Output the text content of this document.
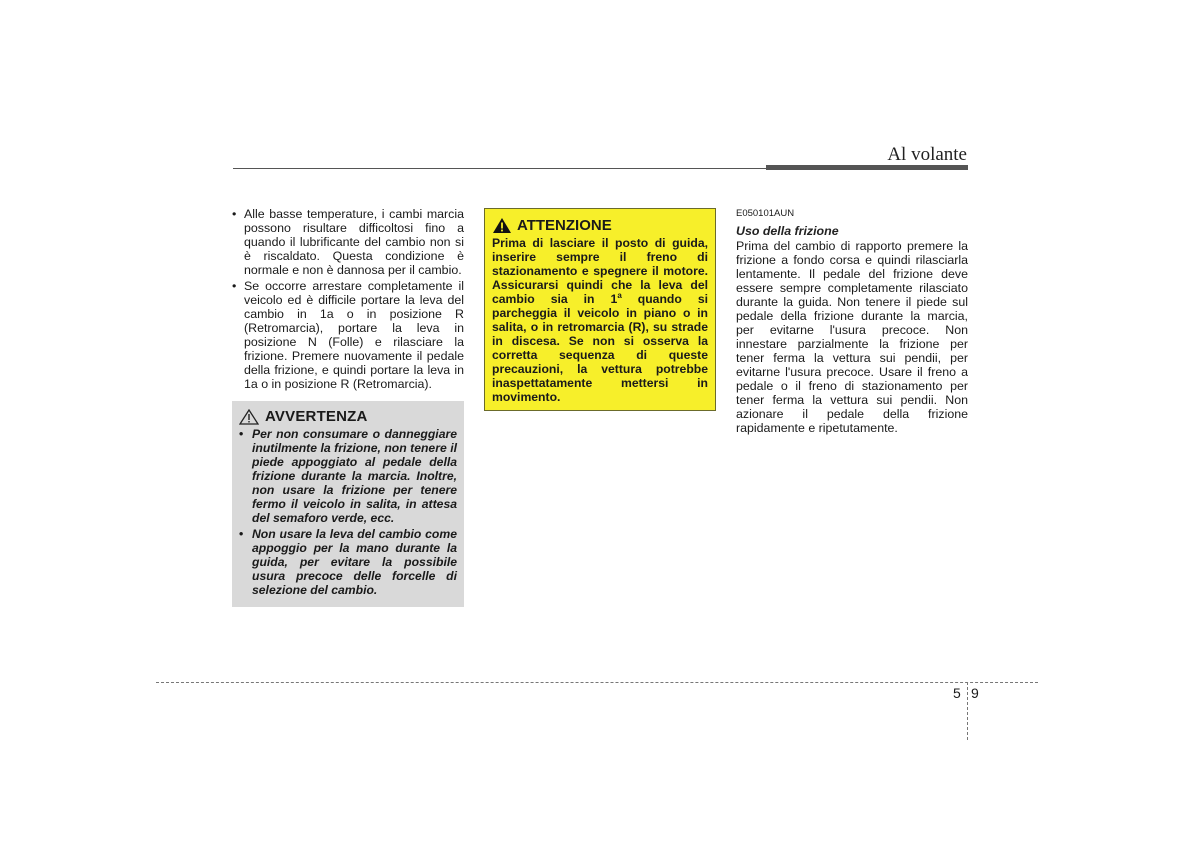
Al volante
• Alle basse temperature, i cambi marcia possono risultare difficoltosi fino a quando il lubrificante del cambio non si è riscaldato. Questa condizione è normale e non è dannosa per il cambio.
• Se occorre arrestare completamente il veicolo ed è difficile portare la leva del cambio in 1a o in posizione R (Retromarcia), portare la leva in posizione N (Folle) e rilasciare la frizione. Premere nuovamente il pedale della frizione, e quindi portare la leva in 1a o in posizione R (Retromarcia).
AVVERTENZA
• Per non consumare o danneggiare inutilmente la frizione, non tenere il piede appoggiato al pedale della frizione durante la marcia. Inoltre, non usare la frizione per tenere fermo il veicolo in salita, in attesa del semaforo verde, ecc.
• Non usare la leva del cambio come appoggio per la mano durante la guida, per evitare la possibile usura precoce delle forcelle di selezione del cambio.
ATTENZIONE

Prima di lasciare il posto di guida, inserire sempre il freno di stazionamento e spegnere il motore. Assicurarsi quindi che la leva del cambio sia in 1$^a$ quando si parcheggia il veicolo in piano o in salita, o in retromarcia (R), su strade in discesa. Se non si osserva la corretta sequenza di queste precauzioni, la vettura potrebbe inaspettatamente mettersi in movimento.

E050101AUN

Uso della frizione

Prima del cambio di rapporto premere la frizione a fondo corsa e quindi rilasciarla lentamente. Il pedale del frizione deve essere sempre completamente rilasciato durante la guida. Non tenere il piede sul pedale della frizione durante la marcia, per evitarne l'usura precoce. Non innestare parzialmente la frizione per tener ferma la vettura sui pendii, per evitarne l'usura precoce. Usare il freno a pedale o il freno di stazionamento per tener ferma la vettura sui pendii. Non azionare il pedale della frizione rapidamente e ripetutamente.

5 9
